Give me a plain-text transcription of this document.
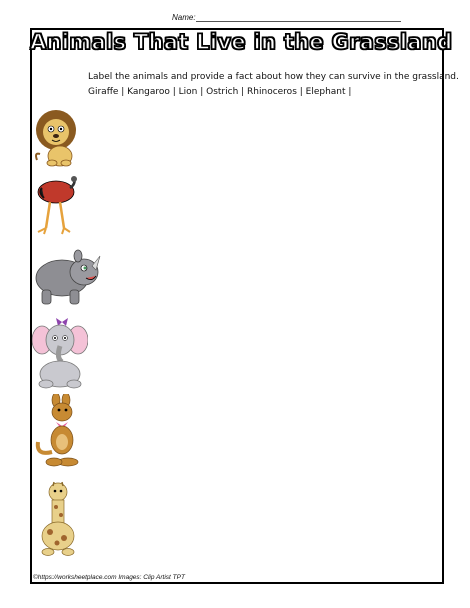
Name:
Animals That Live in the Grassland
Label the animals and provide a fact about how they can survive in the grassland.
Giraffe | Kangaroo | Lion | Ostrich | Rhinoceros | Elephant |
©https://worksheetplace.com Images: Clip Artist TPT
